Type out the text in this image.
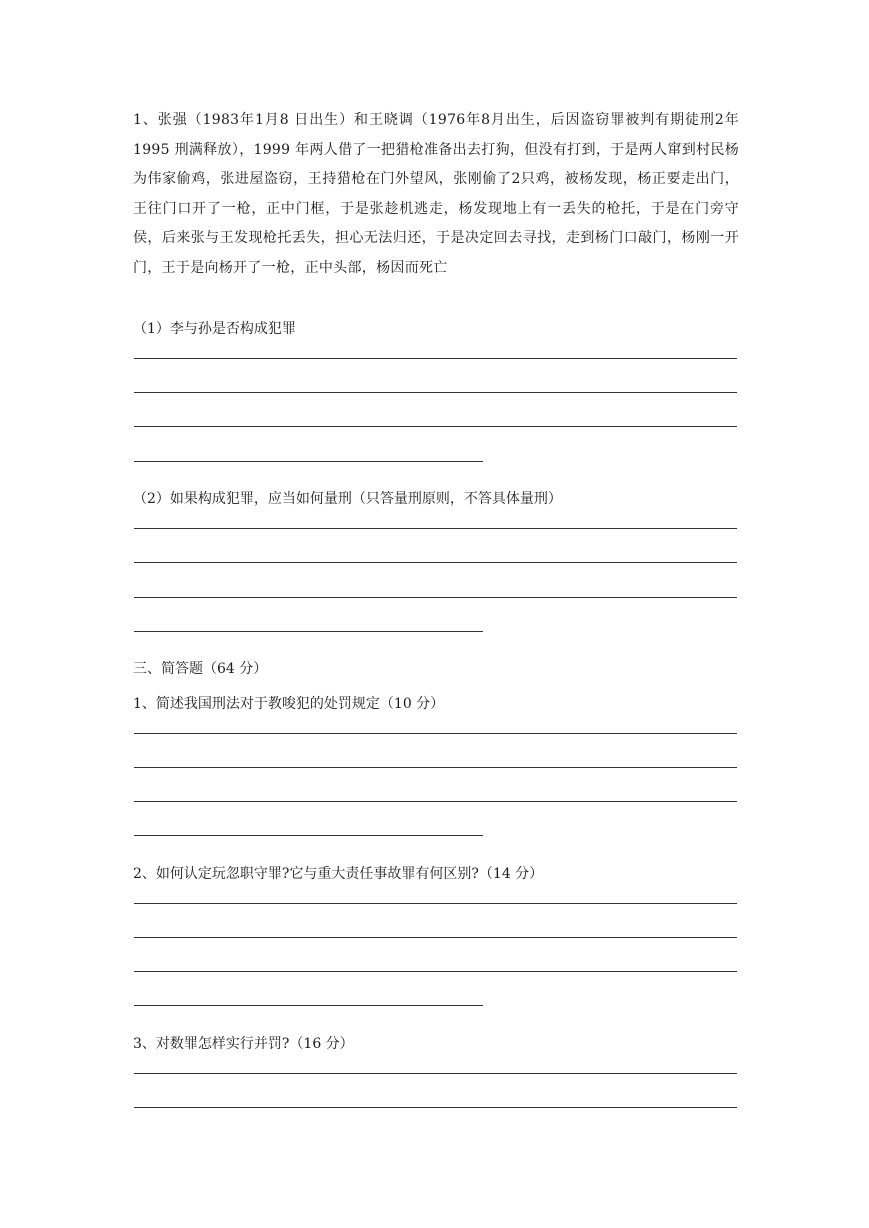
1、张强（1983年1月8 日出生）和王晓调（1976年8月出生，后因盗窃罪被判有期徒刑2年 1995 刑满释放），1999 年两人借了一把猎枪准备出去打狗，但没有打到，于是两人窜到村民杨为伟家偷鸡，张进屋盗窃，王持猎枪在门外望风，张刚偷了2只鸡，被杨发现，杨正要走出门，王往门口开了一枪，正中门框，于是张趁机逃走，杨发现地上有一丢失的枪托，于是在门旁守侯，后来张与王发现枪托丢失，担心无法归还，于是决定回去寻找，走到杨门口敲门，杨刚一开门，王于是向杨开了一枪，正中头部，杨因而死亡

（1）李与孙是否构成犯罪

（2）如果构成犯罪，应当如何量刑（只答量刑原则，不答具体量刑）

三、简答题（64 分）

1、简述我国刑法对于教唆犯的处罚规定（10 分）

2、如何认定玩忽职守罪?它与重大责任事故罪有何区别?（14 分）

3、对数罪怎样实行并罚?（16 分）
